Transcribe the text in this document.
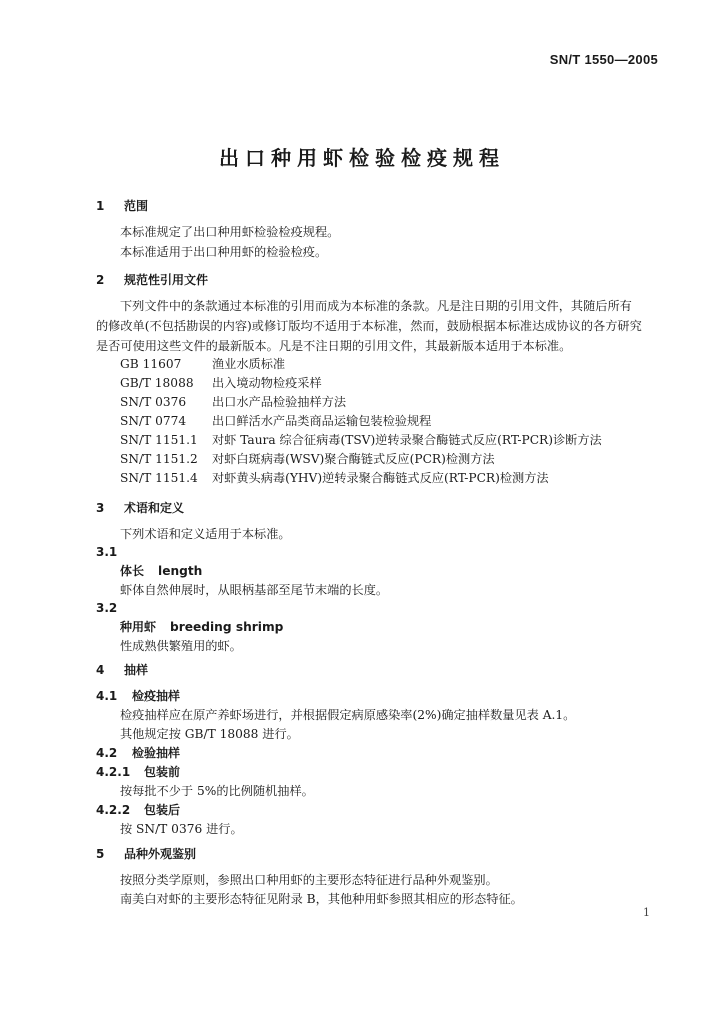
SN/T 1550—2005
出口种用虾检验检疫规程
1 范围
本标准规定了出口种用虾检验检疫规程。
本标准适用于出口种用虾的检验检疫。
2 规范性引用文件
下列文件中的条款通过本标准的引用而成为本标准的条款。凡是注日期的引用文件，其随后所有
的修改单(不包括勘误的内容)或修订版均不适用于本标准，然而，鼓励根据本标准达成协议的各方研究
是否可使用这些文件的最新版本。凡是不注日期的引用文件，其最新版本适用于本标准。
GB 11607	渔业水质标准
GB/T 18088 出入境动物检疫采样
SN/T 0376 出口水产品检验抽样方法
SN/T 0774 出口鲜活水产品类商品运输包装检验规程
SN/T 1151.1 对虾 Taura 综合征病毒(TSV)逆转录聚合酶链式反应(RT-PCR)诊断方法
SN/T 1151.2 对虾白斑病毒(WSV)聚合酶链式反应(PCR)检测方法
SN/T 1151.4 对虾黄头病毒(YHV)逆转录聚合酶链式反应(RT-PCR)检测方法
3 术语和定义
下列术语和定义适用于本标准。
3.1
体长 length
虾体自然伸展时，从眼柄基部至尾节末端的长度。
3.2
种用虾 breeding shrimp
性成熟供繁殖用的虾。
4 抽样
4.1 检疫抽样
检疫抽样应在原产养虾场进行，并根据假定病原感染率(2%)确定抽样数量见表 A.1。
其他规定按 GB/T 18088 进行。
4.2 检验抽样
4.2.1 包装前
按每批不少于 5%的比例随机抽样。
4.2.2 包装后
按 SN/T 0376 进行。
5 品种外观鉴别
按照分类学原则，参照出口种用虾的主要形态特征进行品种外观鉴别。
南美白对虾的主要形态特征见附录 B，其他种用虾参照其相应的形态特征。
1
